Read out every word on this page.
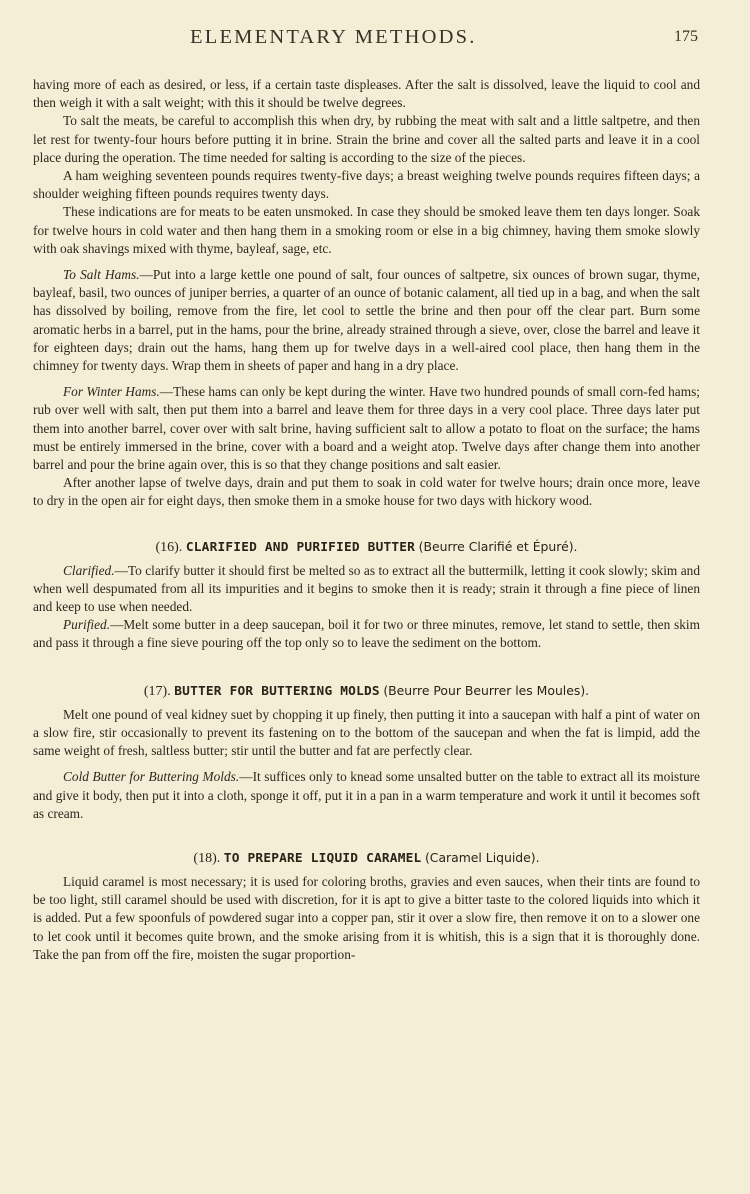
ELEMENTARY METHODS.	175

having more of each as desired, or less, if a certain taste displeases. After the salt is dissolved, leave the liquid to cool and then weigh it with a salt weight; with this it should be twelve degrees.

To salt the meats, be careful to accomplish this when dry, by rubbing the meat with salt and a little saltpetre, and then let rest for twenty-four hours before putting it in brine. Strain the brine and cover all the salted parts and leave it in a cool place during the operation. The time needed for salting is according to the size of the pieces.

A ham weighing seventeen pounds requires twenty-five days; a breast weighing twelve pounds requires fifteen days; a shoulder weighing fifteen pounds requires twenty days.

These indications are for meats to be eaten unsmoked. In case they should be smoked leave them ten days longer. Soak for twelve hours in cold water and then hang them in a smoking room or else in a big chimney, having them smoke slowly with oak shavings mixed with thyme, bayleaf, sage, etc.

To Salt Hams.—Put into a large kettle one pound of salt, four ounces of saltpetre, six ounces of brown sugar, thyme, bayleaf, basil, two ounces of juniper berries, a quarter of an ounce of botanic calament, all tied up in a bag, and when the salt has dissolved by boiling, remove from the fire, let cool to settle the brine and then pour off the clear part. Burn some aromatic herbs in a barrel, put in the hams, pour the brine, already strained through a sieve, over, close the barrel and leave it for eighteen days; drain out the hams, hang them up for twelve days in a well-aired cool place, then hang them in the chimney for twenty days. Wrap them in sheets of paper and hang in a dry place.

For Winter Hams.—These hams can only be kept during the winter. Have two hundred pounds of small corn-fed hams; rub over well with salt, then put them into a barrel and leave them for three days in a very cool place. Three days later put them into another barrel, cover over with salt brine, having sufficient salt to allow a potato to float on the surface; the hams must be entirely immersed in the brine, cover with a board and a weight atop. Twelve days after change them into another barrel and pour the brine again over, this is so that they change positions and salt easier.

After another lapse of twelve days, drain and put them to soak in cold water for twelve hours; drain once more, leave to dry in the open air for eight days, then smoke them in a smoke house for two days with hickory wood.

(16). CLARIFIED AND PURIFIED BUTTER (Beurre Clarifié et Épuré).

Clarified.—To clarify butter it should first be melted so as to extract all the buttermilk, letting it cook slowly; skim and when well despumated from all its impurities and it begins to smoke then it is ready; strain it through a fine piece of linen and keep to use when needed.

Purified.—Melt some butter in a deep saucepan, boil it for two or three minutes, remove, let stand to settle, then skim and pass it through a fine sieve pouring off the top only so to leave the sediment on the bottom.

(17). BUTTER FOR BUTTERING MOLDS (Beurre Pour Beurrer les Moules).

Melt one pound of veal kidney suet by chopping it up finely, then putting it into a saucepan with half a pint of water on a slow fire, stir occasionally to prevent its fastening on to the bottom of the saucepan and when the fat is limpid, add the same weight of fresh, saltless butter; stir until the butter and fat are perfectly clear.

Cold Butter for Buttering Molds.—It suffices only to knead some unsalted butter on the table to extract all its moisture and give it body, then put it into a cloth, sponge it off, put it in a pan in a warm temperature and work it until it becomes soft as cream.

(18). TO PREPARE LIQUID CARAMEL (Caramel Liquide).

Liquid caramel is most necessary; it is used for coloring broths, gravies and even sauces, when their tints are found to be too light, still caramel should be used with discretion, for it is apt to give a bitter taste to the colored liquids into which it is added. Put a few spoonfuls of powdered sugar into a copper pan, stir it over a slow fire, then remove it on to a slower one to let cook until it becomes quite brown, and the smoke arising from it is whitish, this is a sign that it is thoroughly done. Take the pan from off the fire, moisten the sugar proportion-
